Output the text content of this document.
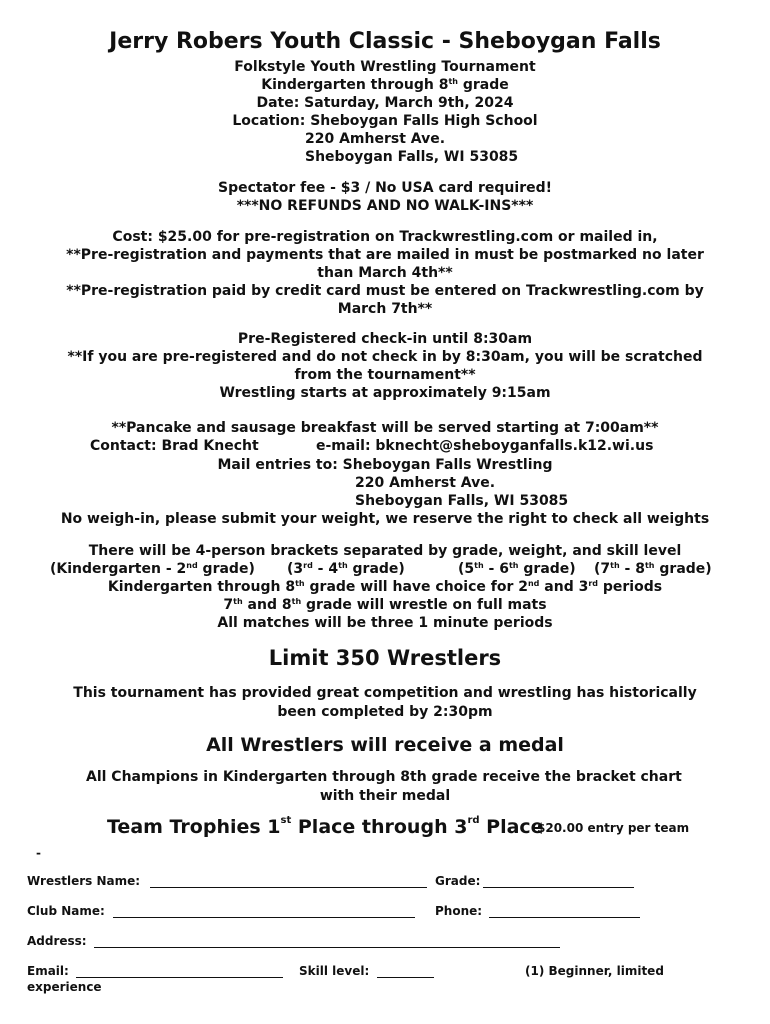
Jerry Robers Youth Classic - Sheboygan Falls
Folkstyle Youth Wrestling Tournament
Kindergarten through 8th grade
Date: Saturday, March 9th, 2024
Location: Sheboygan Falls High School
220 Amherst Ave.
Sheboygan Falls, WI 53085
Spectator fee - $3 / No USA card required!
***NO REFUNDS AND NO WALK-INS***
Cost: $25.00 for pre-registration on Trackwrestling.com or mailed in,
**Pre-registration and payments that are mailed in must be postmarked no later
than March 4th**
**Pre-registration paid by credit card must be entered on Trackwrestling.com by
March 7th**
Pre-Registered check-in until 8:30am
**If you are pre-registered and do not check in by 8:30am, you will be scratched
from the tournament**
Wrestling starts at approximately 9:15am
**Pancake and sausage breakfast will be served starting at 7:00am**
Contact: Brad Knecht	e-mail: bknecht@sheboyganfalls.k12.wi.us
Mail entries to: Sheboygan Falls Wrestling
220 Amherst Ave.
Sheboygan Falls, WI 53085
No weigh-in, please submit your weight, we reserve the right to check all weights
There will be 4-person brackets separated by grade, weight, and skill level
(Kindergarten - 2nd grade) (3rd - 4th grade)	(5th - 6th grade) (7th - 8th grade)
Kindergarten through 8th grade will have choice for 2nd and 3rd periods
7th and 8th grade will wrestle on full mats
All matches will be three 1 minute periods
Limit 350 Wrestlers
This tournament has provided great competition and wrestling has historically
been completed by 2:30pm
All Wrestlers will receive a medal
All Champions in Kindergarten through 8th grade receive the bracket chart
with their medal
Team Trophies 1st Place through 3rd Place
$20.00 entry per team
-
Wrestlers Name:	Grade:
Club Name:	Phone:
Address:
Email:	Skill level:	(1) Beginner, limited
experience
